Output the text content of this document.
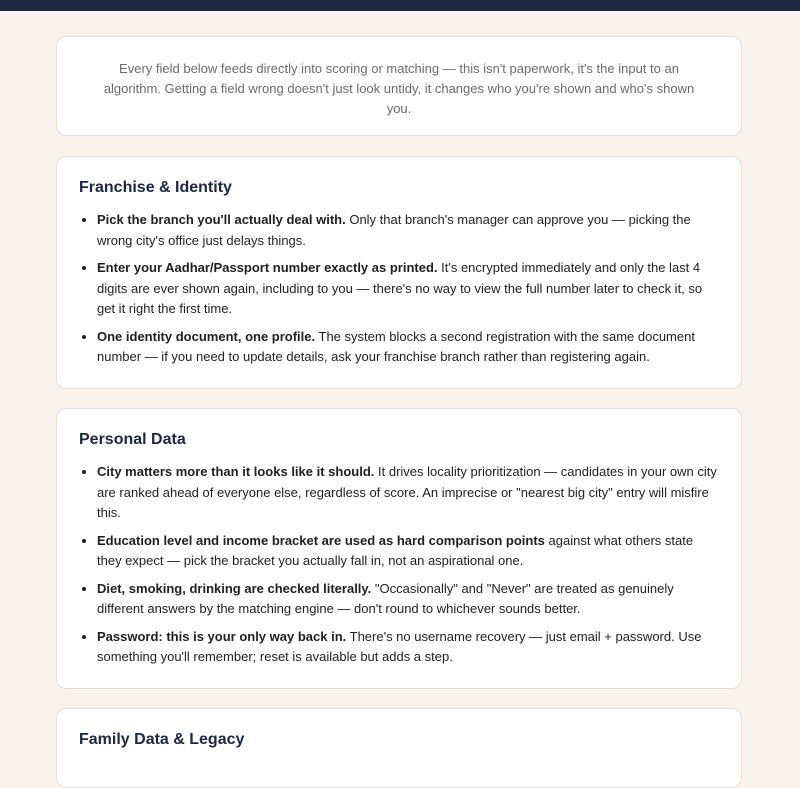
Every field below feeds directly into scoring or matching — this isn't paperwork, it's the input to an algorithm. Getting a field wrong doesn't just look untidy, it changes who you're shown and who's shown you.
Franchise & Identity
• Pick the branch you'll actually deal with. Only that branch's manager can approve you — picking the wrong city's office just delays things.
• Enter your Aadhar/Passport number exactly as printed. It's encrypted immediately and only the last 4 digits are ever shown again, including to you — there's no way to view the full number later to check it, so get it right the first time.
• One identity document, one profile. The system blocks a second registration with the same document number — if you need to update details, ask your franchise branch rather than registering again.
Personal Data
• City matters more than it looks like it should. It drives locality prioritization — candidates in your own city are ranked ahead of everyone else, regardless of score. An imprecise or "nearest big city" entry will misfire this.
• Education level and income bracket are used as hard comparison points against what others state they expect — pick the bracket you actually fall in, not an aspirational one.
• Diet, smoking, drinking are checked literally. "Occasionally" and "Never" are treated as genuinely different answers by the matching engine — don't round to whichever sounds better.
• Password: this is your only way back in. There's no username recovery — just email + password. Use something you'll remember; reset is available but adds a step.
Family Data & Legacy
